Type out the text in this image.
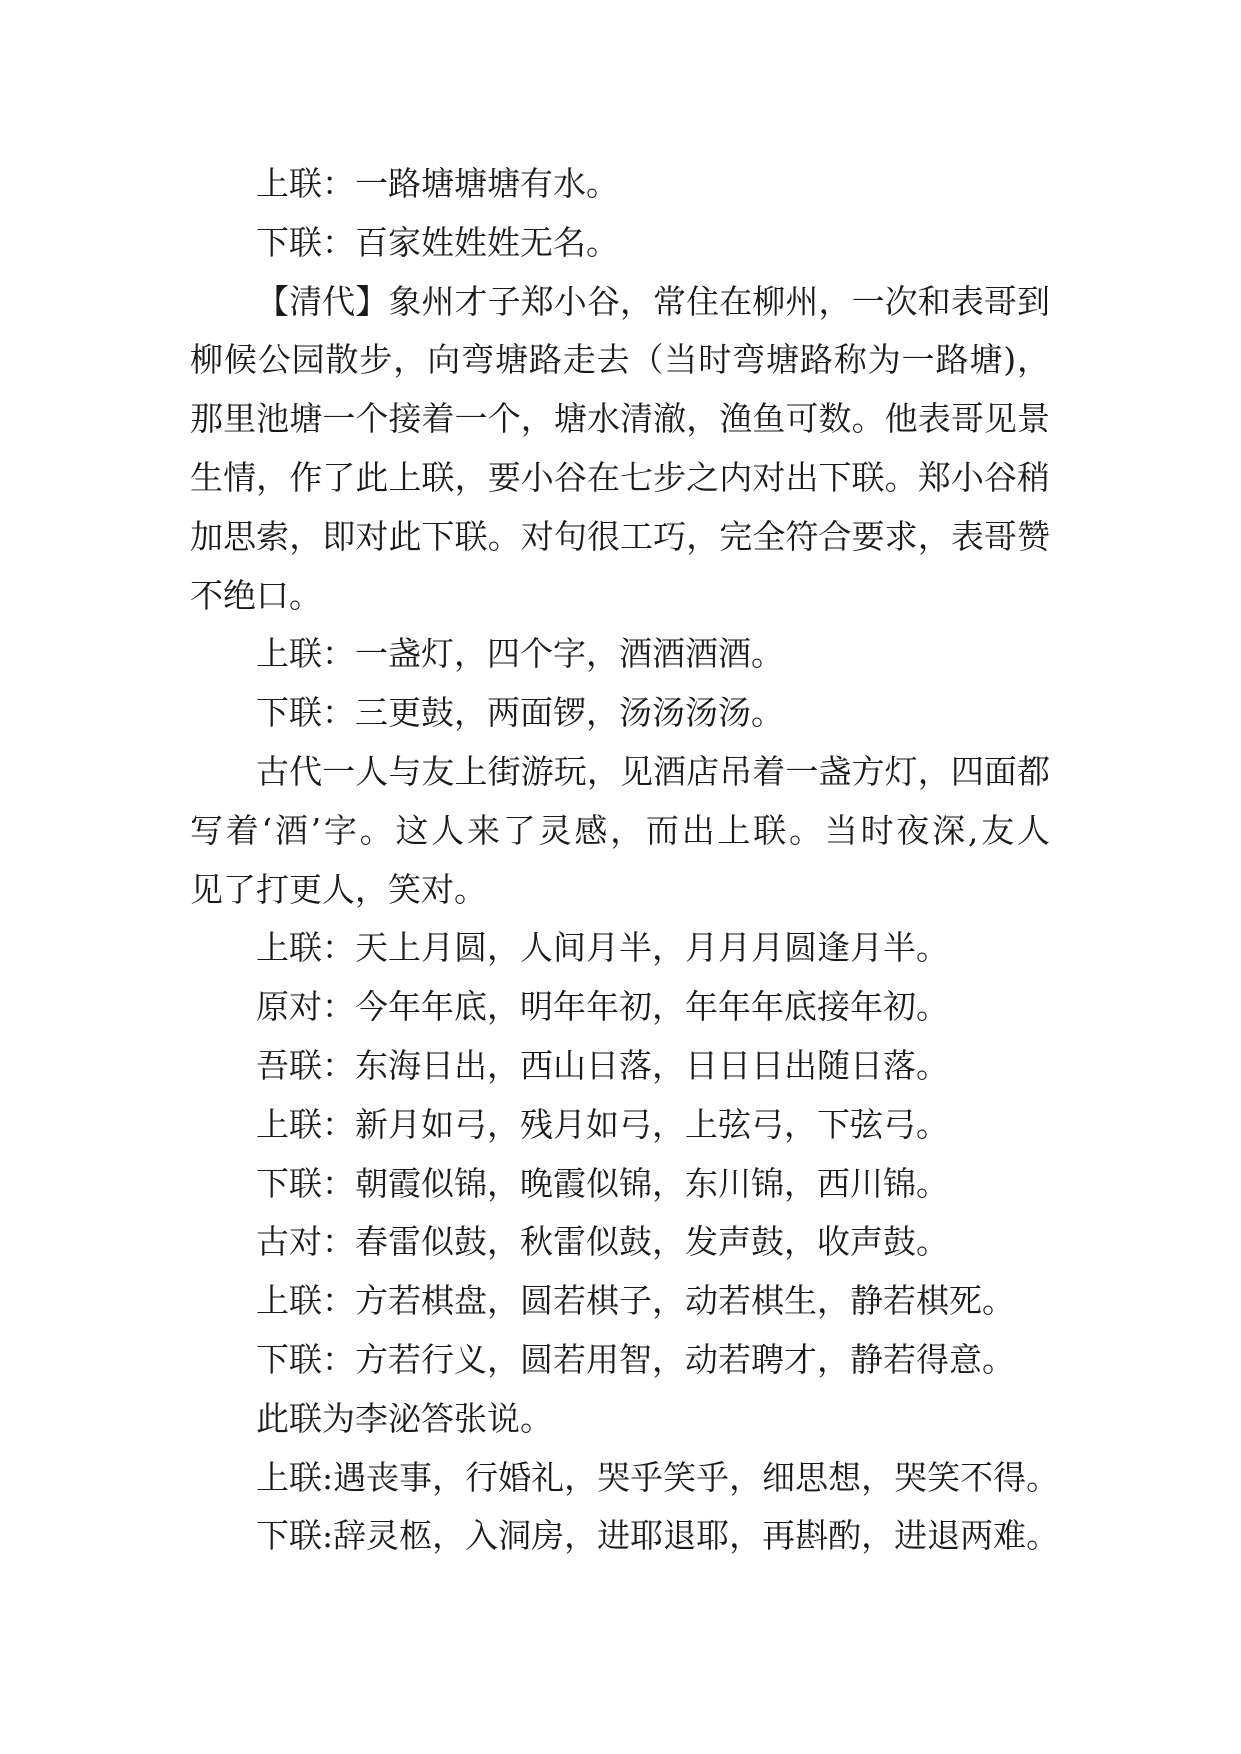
上联：一路塘塘塘有水。
下联：百家姓姓姓无名。
【清代】象州才子郑小谷，常住在柳州，一次和表哥到
柳候公园散步，向弯塘路走去（当时弯塘路称为一路塘)，
那里池塘一个接着一个，塘水清澈，渔鱼可数。他表哥见景
生情，作了此上联，要小谷在七步之内对出下联。郑小谷稍
加思索，即对此下联。对句很工巧，完全符合要求，表哥赞
不绝口。
上联：一盏灯，四个字，酒酒酒酒。
下联：三更鼓，两面锣，汤汤汤汤。
古代一人与友上街游玩，见酒店吊着一盏方灯，四面都
写着‘酒’字。这人来了灵感，而出上联。当时夜深,友人
见了打更人，笑对。
上联：天上月圆，人间月半，月月月圆逢月半。
原对：今年年底，明年年初，年年年底接年初。
吾联：东海日出，西山日落，日日日出随日落。
上联：新月如弓，残月如弓，上弦弓，下弦弓。
下联：朝霞似锦，晚霞似锦，东川锦，西川锦。
古对：春雷似鼓，秋雷似鼓，发声鼓，收声鼓。
上联：方若棋盘，圆若棋子，动若棋生，静若棋死。
下联：方若行义，圆若用智，动若聘才，静若得意。
此联为李泌答张说。
上联:遇丧事，行婚礼，哭乎笑乎，细思想，哭笑不得。
下联:辞灵柩，入洞房，进耶退耶，再斟酌，进退两难。
